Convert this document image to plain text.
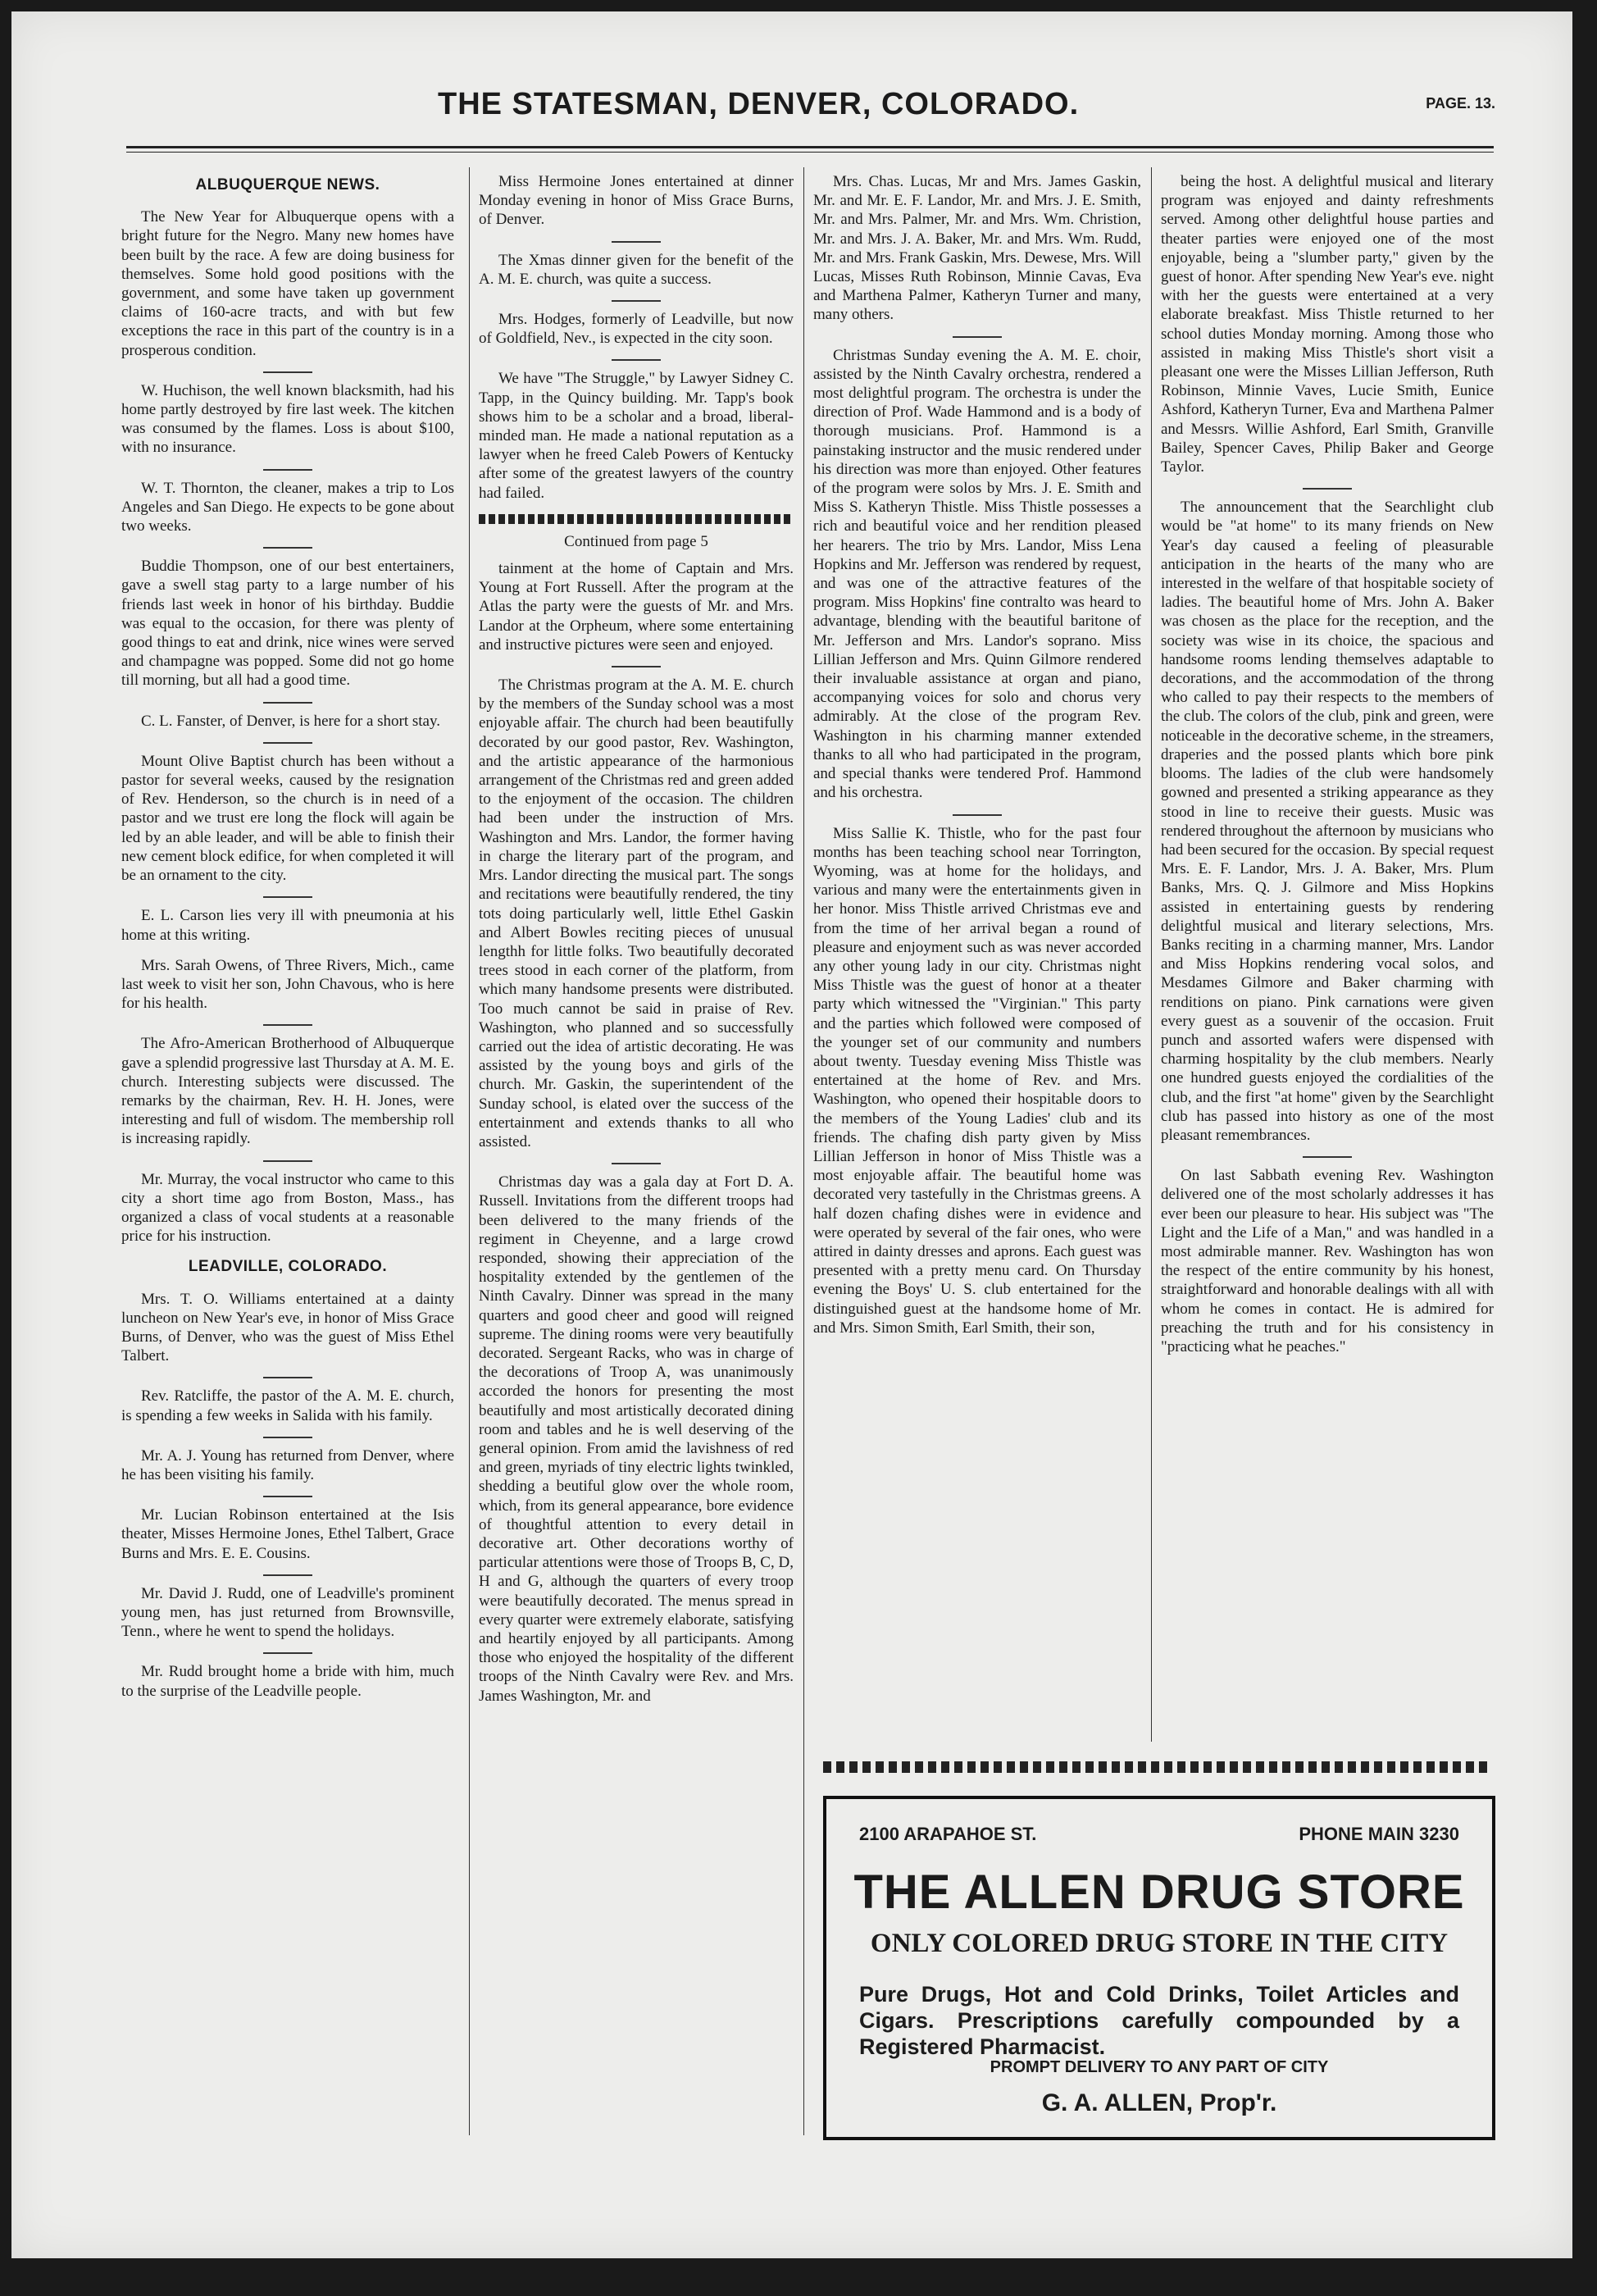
THE STATESMAN, DENVER, COLORADO.	PAGE. 13.
ALBUQUERQUE NEWS.

The New Year for Albuquerque opens with a bright future for the Negro. Many new homes have been built by the race. A few are doing business for themselves. Some hold good positions with the government, and some have taken up government claims of 160-acre tracts, and with but few exceptions the race in this part of the country is in a prosperous condition.

W. Huchison, the well known blacksmith, had his home partly destroyed by fire last week. The kitchen was consumed by the flames. Loss is about $100, with no insurance.

W. T. Thornton, the cleaner, makes a trip to Los Angeles and San Diego. He expects to be gone about two weeks.

Buddie Thompson, one of our best entertainers, gave a swell stag party to a large number of his friends last week in honor of his birthday. Buddie was equal to the occasion, for there was plenty of good things to eat and drink, nice wines were served and champagne was popped. Some did not go home till morning, but all had a good time.

C. L. Fanster, of Denver, is here for a short stay.

Mount Olive Baptist church has been without a pastor for several weeks, caused by the resignation of Rev. Henderson, so the church is in need of a pastor and we trust ere long the flock will again be led by an able leader, and will be able to finish their new cement block edifice, for when completed it will be an ornament to the city.

E. L. Carson lies very ill with pneumonia at his home at this writing.

Mrs. Sarah Owens, of Three Rivers, Mich., came last week to visit her son, John Chavous, who is here for his health.

The Afro-American Brotherhood of Albuquerque gave a splendid progressive last Thursday at A. M. E. church. Interesting subjects were discussed. The remarks by the chairman, Rev. H. H. Jones, were interesting and full of wisdom. The membership roll is increasing rapidly.

Mr. Murray, the vocal instructor who came to this city a short time ago from Boston, Mass., has organized a class of vocal students at a reasonable price for his instruction.

LEADVILLE, COLORADO.

Mrs. T. O. Williams entertained at a dainty luncheon on New Year's eve, in honor of Miss Grace Burns, of Denver, who was the guest of Miss Ethel Talbert.

Rev. Ratcliffe, the pastor of the A. M. E. church, is spending a few weeks in Salida with his family.

Mr. A. J. Young has returned from Denver, where he has been visiting his family.

Mr. Lucian Robinson entertained at the Isis theater, Misses Hermoine Jones, Ethel Talbert, Grace Burns and Mrs. E. E. Cousins.

Mr. David J. Rudd, one of Leadville's prominent young men, has just returned from Brownsville, Tenn., where he went to spend the holidays.

Mr. Rudd brought home a bride with him, much to the surprise of the Leadville people.

Miss Hermoine Jones entertained at dinner Monday evening in honor of Miss Grace Burns, of Denver.

The Xmas dinner given for the benefit of the A. M. E. church, was quite a success.

Mrs. Hodges, formerly of Leadville, but now of Goldfield, Nev., is expected in the city soon.

We have "The Struggle," by Lawyer Sidney C. Tapp, in the Quincy building. Mr. Tapp's book shows him to be a scholar and a broad, liberal-minded man. He made a national reputation as a lawyer when he freed Caleb Powers of Kentucky after some of the greatest lawyers of the country had failed.

Continued from page 5

tainment at the home of Captain and Mrs. Young at Fort Russell. After the program at the Atlas the party were the guests of Mr. and Mrs. Landor at the Orpheum, where some entertaining and instructive pictures were seen and enjoyed.

The Christmas program at the A. M. E. church by the members of the Sunday school was a most enjoyable affair. The church had been beautifully decorated by our good pastor, Rev. Washington, and the artistic appearance of the harmonious arrangement of the Christmas red and green added to the enjoyment of the occasion. The children had been under the instruction of Mrs. Washington and Mrs. Landor, the former having in charge the literary part of the program, and Mrs. Landor directing the musical part. The songs and recitations were beautifully rendered, the tiny tots doing particularly well, little Ethel Gaskin and Albert Bowles reciting pieces of unusual lengthh for little folks. Two beautifully decorated trees stood in each corner of the platform, from which many handsome presents were distributed. Too much cannot be said in praise of Rev. Washington, who planned and so successfully carried out the idea of artistic decorating. He was assisted by the young boys and girls of the church. Mr. Gaskin, the superintendent of the Sunday school, is elated over the success of the entertainment and extends thanks to all who assisted.

Christmas day was a gala day at Fort D. A. Russell. Invitations from the different troops had been delivered to the many friends of the regiment in Cheyenne, and a large crowd responded, showing their appreciation of the hospitality extended by the gentlemen of the Ninth Cavalry. Dinner was spread in the many quarters and good cheer and good will reigned supreme. The dining rooms were very beautifully decorated. Sergeant Racks, who was in charge of the decorations of Troop A, was unanimously accorded the honors for presenting the most beautifully and most artistically decorated dining room and tables and he is well deserving of the general opinion. From amid the lavishness of red and green, myriads of tiny electric lights twinkled, shedding a beutiful glow over the whole room, which, from its general appearance, bore evidence of thoughtful attention to every detail in decorative art. Other decorations worthy of particular attentions were those of Troops B, C, D, H and G, although the quarters of every troop were beautifully decorated. The menus spread in every quarter were extremely elaborate, satisfying and heartily enjoyed by all participants. Among those who enjoyed the hospitality of the different troops of the Ninth Cavalry were Rev. and Mrs. James Washington, Mr. and

Mrs. Chas. Lucas, Mr and Mrs. James Gaskin, Mr. and Mr. E. F. Landor, Mr. and Mrs. J. E. Smith, Mr. and Mrs. Palmer, Mr. and Mrs. Wm. Christion, Mr. and Mrs. J. A. Baker, Mr. and Mrs. Wm. Rudd, Mr. and Mrs. Frank Gaskin, Mrs. Dewese, Mrs. Will Lucas, Misses Ruth Robinson, Minnie Cavas, Eva and Marthena Palmer, Katheryn Turner and many, many others.

Christmas Sunday evening the A. M. E. choir, assisted by the Ninth Cavalry orchestra, rendered a most delightful program. The orchestra is under the direction of Prof. Wade Hammond and is a body of thorough musicians. Prof. Hammond is a painstaking instructor and the music rendered under his direction was more than enjoyed. Other features of the program were solos by Mrs. J. E. Smith and Miss S. Katheryn Thistle. Miss Thistle possesses a rich and beautiful voice and her rendition pleased her hearers. The trio by Mrs. Landor, Miss Lena Hopkins and Mr. Jefferson was rendered by request, and was one of the attractive features of the program. Miss Hopkins' fine contralto was heard to advantage, blending with the beautiful baritone of Mr. Jefferson and Mrs. Landor's soprano. Miss Lillian Jefferson and Mrs. Quinn Gilmore rendered their invaluable assistance at organ and piano, accompanying voices for solo and chorus very admirably. At the close of the program Rev. Washington in his charming manner extended thanks to all who had participated in the program, and special thanks were tendered Prof. Hammond and his orchestra.

Miss Sallie K. Thistle, who for the past four months has been teaching school near Torrington, Wyoming, was at home for the holidays, and various and many were the entertainments given in her honor. Miss Thistle arrived Christmas eve and from the time of her arrival began a round of pleasure and enjoyment such as was never accorded any other young lady in our city. Christmas night Miss Thistle was the guest of honor at a theater party which witnessed the "Virginian." This party and the parties which followed were composed of the younger set of our community and numbers about twenty. Tuesday evening Miss Thistle was entertained at the home of Rev. and Mrs. Washington, who opened their hospitable doors to the members of the Young Ladies' club and its friends. The chafing dish party given by Miss Lillian Jefferson in honor of Miss Thistle was a most enjoyable affair. The beautiful home was decorated very tastefully in the Christmas greens. A half dozen chafing dishes were in evidence and were operated by several of the fair ones, who were attired in dainty dresses and aprons. Each guest was presented with a pretty menu card. On Thursday evening the Boys' U. S. club entertained for the distinguished guest at the handsome home of Mr. and Mrs. Simon Smith, Earl Smith, their son,

being the host. A delightful musical and literary program was enjoyed and dainty refreshments served. Among other delightful house parties and theater parties were enjoyed one of the most enjoyable, being a "slumber party," given by the guest of honor. After spending New Year's eve. night with her the guests were entertained at a very elaborate breakfast. Miss Thistle returned to her school duties Monday morning. Among those who assisted in making Miss Thistle's short visit a pleasant one were the Misses Lillian Jefferson, Ruth Robinson, Minnie Vaves, Lucie Smith, Eunice Ashford, Katheryn Turner, Eva and Marthena Palmer and Messrs. Willie Ashford, Earl Smith, Granville Bailey, Spencer Caves, Philip Baker and George Taylor.

The announcement that the Searchlight club would be "at home" to its many friends on New Year's day caused a feeling of pleasurable anticipation in the hearts of the many who are interested in the welfare of that hospitable society of ladies. The beautiful home of Mrs. John A. Baker was chosen as the place for the reception, and the society was wise in its choice, the spacious and handsome rooms lending themselves adaptable to decorations, and the accommodation of the throng who called to pay their respects to the members of the club. The colors of the club, pink and green, were noticeable in the decorative scheme, in the streamers, draperies and the possed plants which bore pink blooms. The ladies of the club were handsomely gowned and presented a striking appearance as they stood in line to receive their guests. Music was rendered throughout the afternoon by musicians who had been secured for the occasion. By special request Mrs. E. F. Landor, Mrs. J. A. Baker, Mrs. Plum Banks, Mrs. Q. J. Gilmore and Miss Hopkins assisted in entertaining guests by rendering delightful musical and literary selections, Mrs. Banks reciting in a charming manner, Mrs. Landor and Miss Hopkins rendering vocal solos, and Mesdames Gilmore and Baker charming with renditions on piano. Pink carnations were given every guest as a souvenir of the occasion. Fruit punch and assorted wafers were dispensed with charming hospitality by the club members. Nearly one hundred guests enjoyed the cordialities of the club, and the first "at home" given by the Searchlight club has passed into history as one of the most pleasant remembrances.

On last Sabbath evening Rev. Washington delivered one of the most scholarly addresses it has ever been our pleasure to hear. His subject was "The Light and the Life of a Man," and was handled in a most admirable manner. Rev. Washington has won the respect of the entire community by his honest, straightforward and honorable dealings with all with whom he comes in contact. He is admired for preaching the truth and for his consistency in "practicing what he peaches."

2100 ARAPAHOE ST.	PHONE MAIN 3230
THE ALLEN DRUG STORE
ONLY COLORED DRUG STORE IN THE CITY
Pure Drugs, Hot and Cold Drinks, Toilet Articles and Cigars. Prescriptions carefully compounded by a Registered Pharmacist.
PROMPT DELIVERY TO ANY PART OF CITY
G. A. ALLEN, Prop'r.
